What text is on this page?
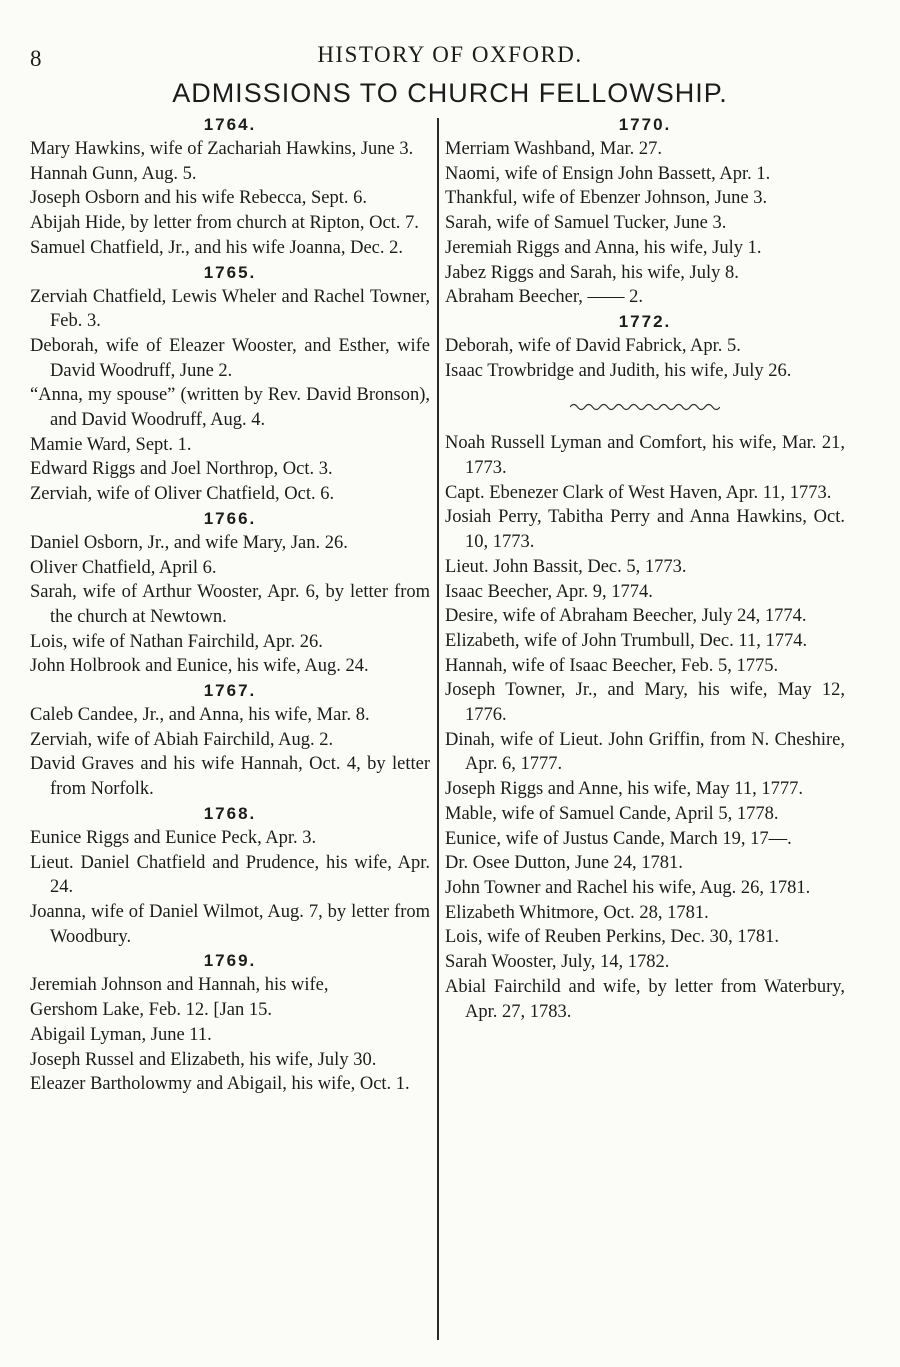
8	HISTORY OF OXFORD.
ADMISSIONS TO CHURCH FELLOWSHIP.
1764.
Mary Hawkins, wife of Zachariah Hawkins, June 3.
Hannah Gunn, Aug. 5.
Joseph Osborn and his wife Rebecca, Sept. 6.
Abijah Hide, by letter from church at Ripton, Oct. 7.
Samuel Chatfield, Jr., and his wife Joanna, Dec. 2.
1765.
Zerviah Chatfield, Lewis Wheler and Rachel Towner, Feb. 3.
Deborah, wife of Eleazer Wooster, and Esther, wife David Woodruff, June 2.
“Anna, my spouse” (written by Rev. David Bronson), and David Woodruff, Aug. 4.
Mamie Ward, Sept. 1.
Edward Riggs and Joel Northrop, Oct. 3.
Zerviah, wife of Oliver Chatfield, Oct. 6.
1766.
Daniel Osborn, Jr., and wife Mary, Jan. 26.
Oliver Chatfield, April 6.
Sarah, wife of Arthur Wooster, Apr. 6, by letter from the church at Newtown.
Lois, wife of Nathan Fairchild, Apr. 26.
John Holbrook and Eunice, his wife, Aug. 24.
1767.
Caleb Candee, Jr., and Anna, his wife, Mar. 8.
Zerviah, wife of Abiah Fairchild, Aug. 2.
David Graves and his wife Hannah, Oct. 4, by letter from Norfolk.
1768.
Eunice Riggs and Eunice Peck, Apr. 3.
Lieut. Daniel Chatfield and Prudence, his wife, Apr. 24.
Joanna, wife of Daniel Wilmot, Aug. 7, by letter from Woodbury.
1769.
Jeremiah Johnson and Hannah, his wife,
Gershom Lake, Feb. 12. [Jan 15.
Abigail Lyman, June 11.
Joseph Russel and Elizabeth, his wife, July 30.
Eleazer Bartholowmy and Abigail, his wife, Oct. 1.
1770.
Merriam Washband, Mar. 27.
Naomi, wife of Ensign John Bassett, Apr. 1.
Thankful, wife of Ebenzer Johnson, June 3.
Sarah, wife of Samuel Tucker, June 3.
Jeremiah Riggs and Anna, his wife, July 1.
Jabez Riggs and Sarah, his wife, July 8.
Abraham Beecher, —— 2.
1772.
Deborah, wife of David Fabrick, Apr. 5.
Isaac Trowbridge and Judith, his wife, July 26.
Noah Russell Lyman and Comfort, his wife, Mar. 21, 1773.
Capt. Ebenezer Clark of West Haven, Apr. 11, 1773.
Josiah Perry, Tabitha Perry and Anna Hawkins, Oct. 10, 1773.
Lieut. John Bassit, Dec. 5, 1773.
Isaac Beecher, Apr. 9, 1774.
Desire, wife of Abraham Beecher, July 24, 1774.
Elizabeth, wife of John Trumbull, Dec. 11, 1774.
Hannah, wife of Isaac Beecher, Feb. 5, 1775.
Joseph Towner, Jr., and Mary, his wife, May 12, 1776.
Dinah, wife of Lieut. John Griffin, from N. Cheshire, Apr. 6, 1777.
Joseph Riggs and Anne, his wife, May 11, 1777.
Mable, wife of Samuel Cande, April 5, 1778.
Eunice, wife of Justus Cande, March 19, 17—.
Dr. Osee Dutton, June 24, 1781.
John Towner and Rachel his wife, Aug. 26, 1781.
Elizabeth Whitmore, Oct. 28, 1781.
Lois, wife of Reuben Perkins, Dec. 30, 1781.
Sarah Wooster, July, 14, 1782.
Abial Fairchild and wife, by letter from Waterbury, Apr. 27, 1783.
